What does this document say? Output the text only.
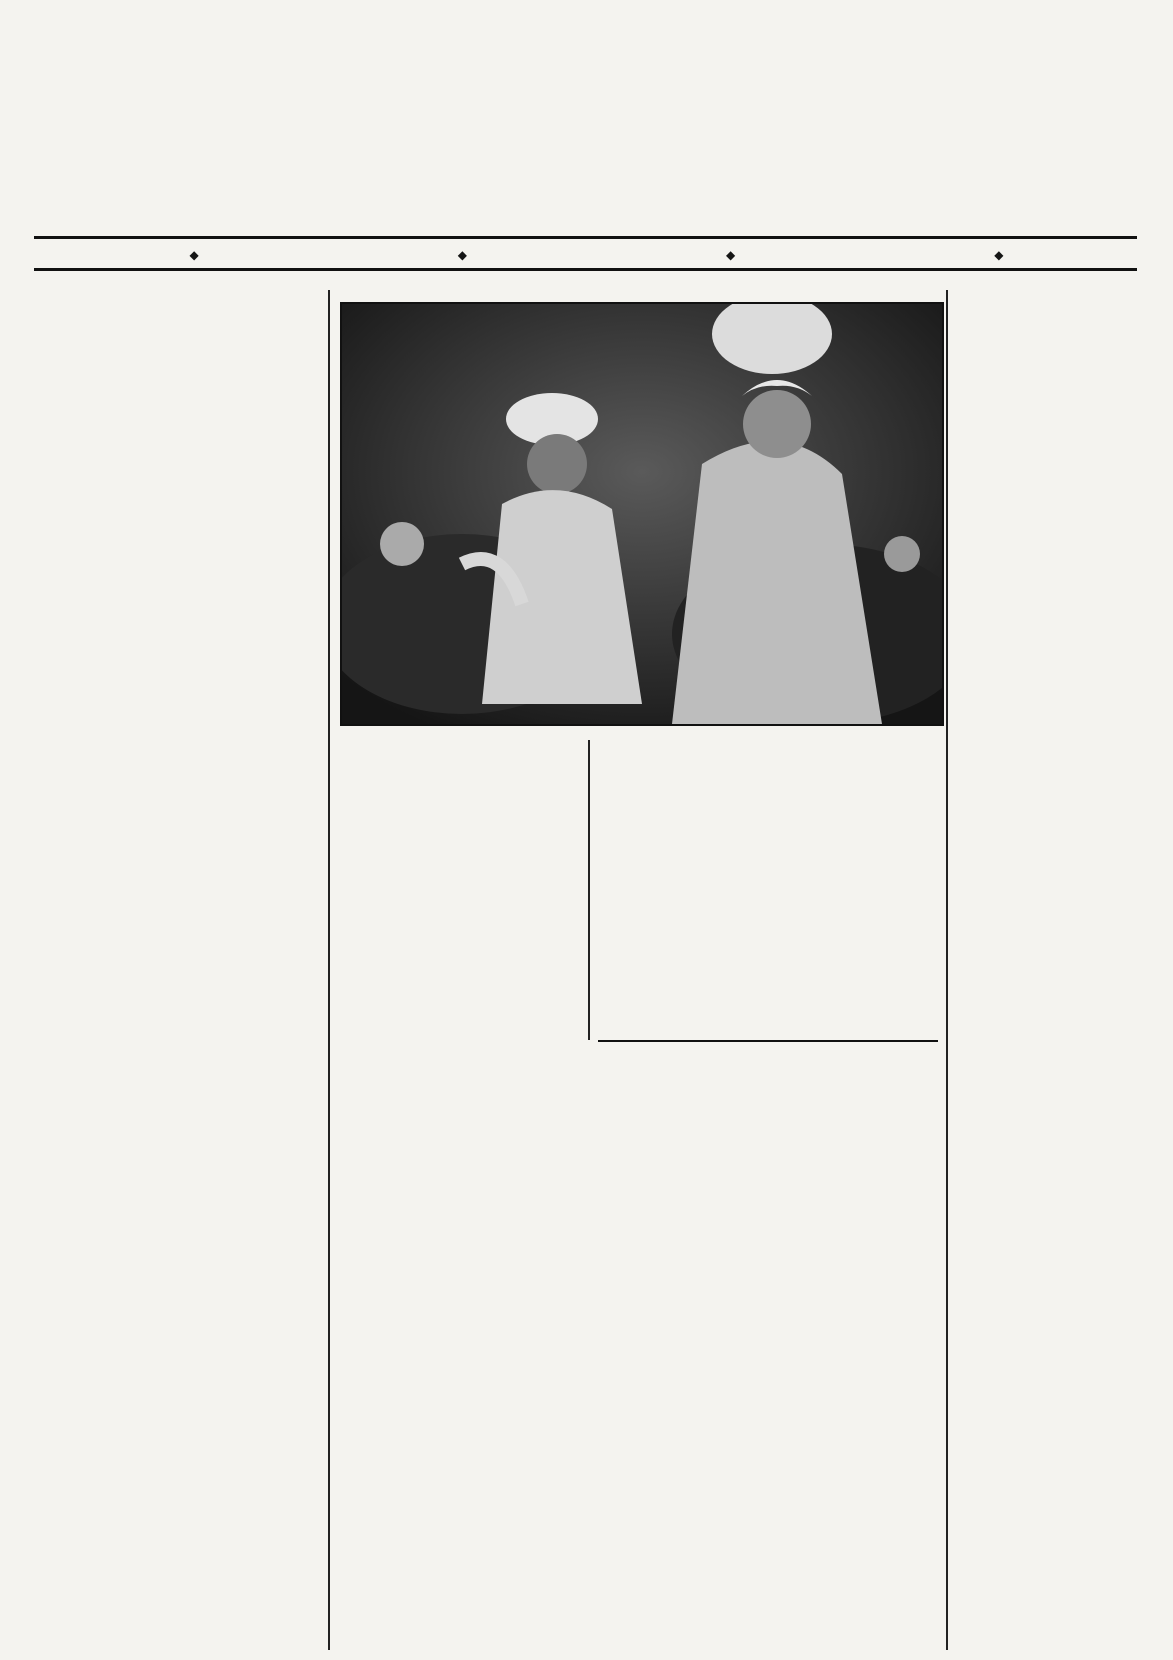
◆	◆	◆	◆
